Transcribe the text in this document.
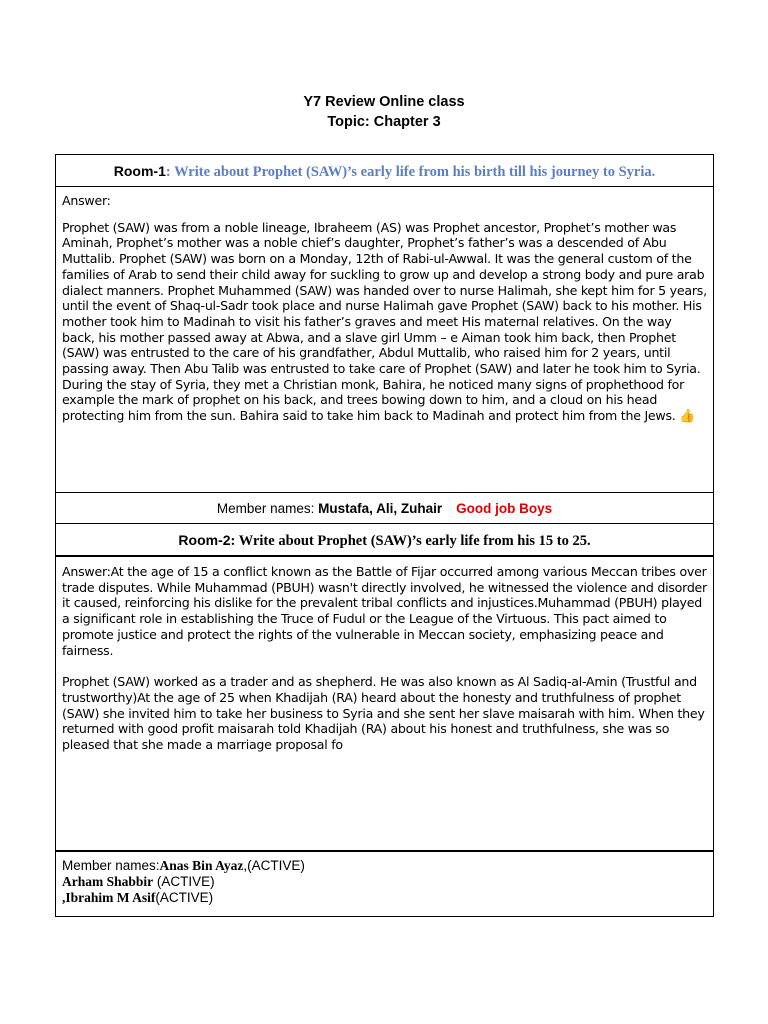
Y7 Review Online class
Topic: Chapter 3
Room-1: Write about Prophet (SAW)’s early life from his birth till his journey to Syria.
Answer:
Prophet (SAW) was from a noble lineage, Ibraheem (AS) was Prophet ancestor, Prophet’s mother was Aminah, Prophet’s mother was a noble chief’s daughter, Prophet’s father’s was a descended of Abu Muttalib. Prophet (SAW) was born on a Monday, 12th of Rabi-ul-Awwal. It was the general custom of the families of Arab to send their child away for suckling to grow up and develop a strong body and pure arab dialect manners. Prophet Muhammed (SAW) was handed over to nurse Halimah, she kept him for 5 years, until the event of Shaq-ul-Sadr took place and nurse Halimah gave Prophet (SAW) back to his mother. His mother took him to Madinah to visit his father’s graves and meet His maternal relatives. On the way back, his mother passed away at Abwa, and a slave girl Umm – e Aiman took him back, then Prophet (SAW) was entrusted to the care of his grandfather, Abdul Muttalib, who raised him for 2 years, until passing away. Then Abu Talib was entrusted to take care of Prophet (SAW) and later he took him to Syria. During the stay of Syria, they met a Christian monk, Bahira, he noticed many signs of prophethood for example the mark of prophet on his back, and trees bowing down to him, and a cloud on his head protecting him from the sun. Bahira said to take him back to Madinah and protect him from the Jews. 👍
Member names: Mustafa, Ali, Zuhair Good job Boys
Room-2: Write about Prophet (SAW)’s early life from his 15 to 25.

Answer:At the age of 15 a conflict known as the Battle of Fijar occurred among various Meccan tribes over trade disputes. While Muhammad (PBUH) wasn't directly involved, he witnessed the violence and disorder it caused, reinforcing his dislike for the prevalent tribal conflicts and injustices.Muhammad (PBUH) played a significant role in establishing the Truce of Fudul or the League of the Virtuous. This pact aimed to promote justice and protect the rights of the vulnerable in Meccan society, emphasizing peace and fairness.

Prophet (SAW) worked as a trader and as shepherd. He was also known as Al Sadiq-al-Amin (Trustful and trustworthy)At the age of 25 when Khadijah (RA) heard about the honesty and truthfulness of prophet (SAW) she invited him to take her business to Syria and she sent her slave maisarah with him. When they returned with good profit maisarah told Khadijah (RA) about his honest and truthfulness, she was so pleased that she made a marriage proposal fo

Member names:Anas Bin Ayaz,(ACTIVE)
Arham Shabbir (ACTIVE)
,Ibrahim M Asif(ACTIVE)
